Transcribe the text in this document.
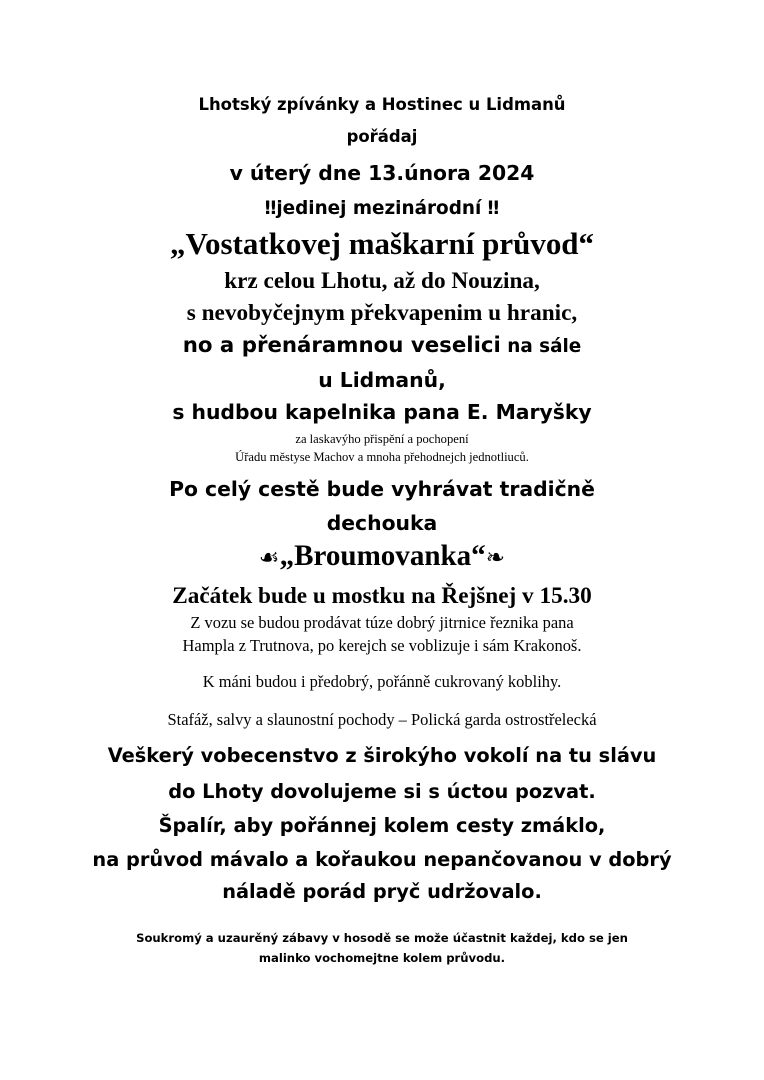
Lhotský zpívánky a Hostinec u Lidmanů
pořádaj
v úterý dne 13.února 2024
‼jedinej mezinárodní ‼
„Vostatkovej maškarní průvod“
krz celou Lhotu, až do Nouzina,
s nevobyčejnym překvapenim u hranic,
no a přenáramnou veselici na sále
u Lidmanů,
s hudbou kapelnika pana E. Maryšky
za laskavýho přispění a pochopení
Úřadu městyse Machov a mnoha přehodnejch jednotliuců.
Po celý cestě bude vyhrávat tradičně
dechouka
☙„Broumovanka“❧
Začátek bude u mostku na Řejšnej v 15.30
Z vozu se budou prodávat túze dobrý jitrnice řeznika pana
Hampla z Trutnova, po kerejch se voblizuje i sám Krakonoš.
K máni budou i předobrý, pořánně cukrovaný koblihy.
Stafáž, salvy a slaunostní pochody – Polická garda ostrostřelecká
Veškerý vobecenstvo z širokýho vokolí na tu slávu
do Lhoty dovolujeme si s úctou pozvat.
Špalír, aby pořánnej kolem cesty zmáklo,
na průvod mávalo a kořaukou nepančovanou v dobrý
náladě porád pryč udržovalo.
Soukromý a uzaurěný zábavy v hosodě se može účastnit každej, kdo se jen
malinko vochomejtne kolem průvodu.
